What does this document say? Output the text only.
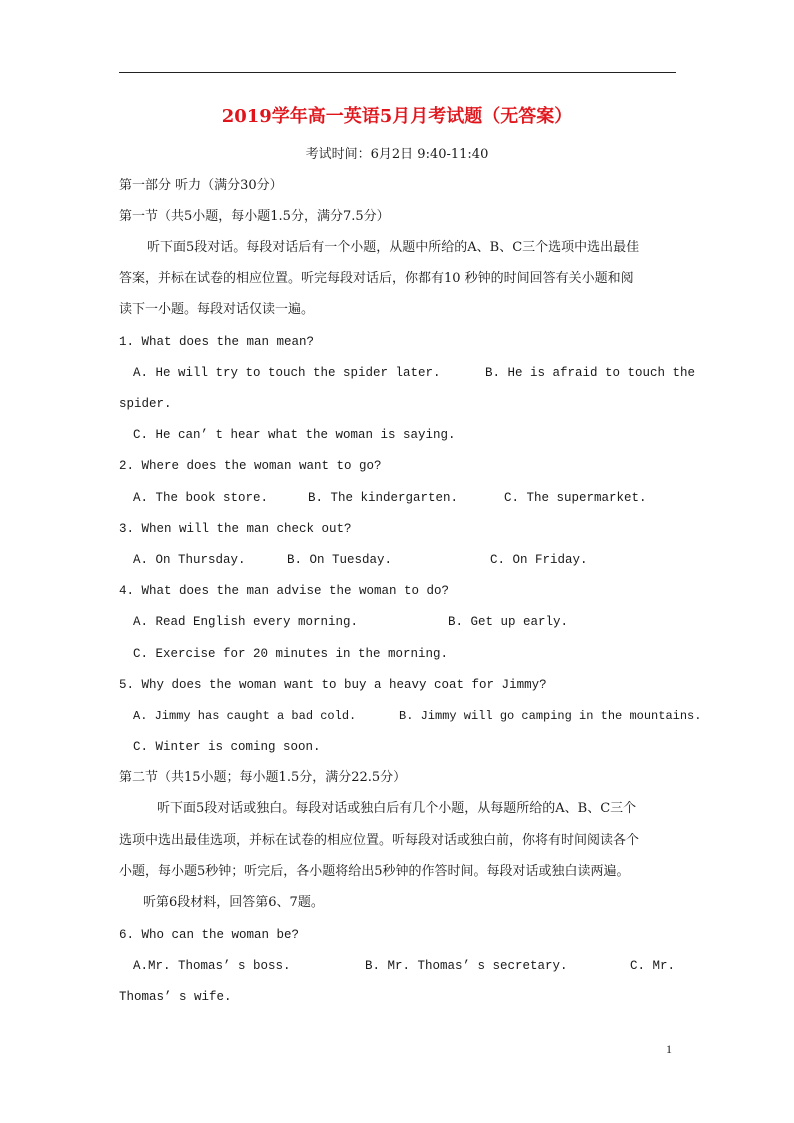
2019学年高一英语5月月考试题（无答案）
考试时间：6月2日 9:40-11:40
第一部分 听力（满分30分）
第一节（共5小题，每小题1.5分，满分7.5分）
听下面5段对话。每段对话后有一个小题，从题中所给的A、B、C三个选项中选出最佳
答案，并标在试卷的相应位置。听完每段对话后，你都有10 秒钟的时间回答有关小题和阅
读下一小题。每段对话仅读一遍。
1. What does the man mean?
A. He will try to touch the spider later.	B. He is afraid to touch the
spider.
C. He can’ t hear what the woman is saying.
2. Where does the woman want to go?
A. The book store.	B. The kindergarten.	C. The supermarket.
3. When will the man check out?
A. On Thursday.	B. On Tuesday.	C. On Friday.
4. What does the man advise the woman to do?
A. Read English every morning.	B. Get up early.
C. Exercise for 20 minutes in the morning.
5. Why does the woman want to buy a heavy coat for Jimmy?
A. Jimmy has caught a bad cold.	B. Jimmy will go camping in the mountains.
C. Winter is coming soon.
第二节（共15小题；每小题1.5分，满分22.5分）
听下面5段对话或独白。每段对话或独白后有几个小题，从每题所给的A、B、C三个
选项中选出最佳选项，并标在试卷的相应位置。听每段对话或独白前，你将有时间阅读各个
小题，每小题5秒钟；听完后，各小题将给出5秒钟的作答时间。每段对话或独白读两遍。
听第6段材料，回答第6、7题。
6. Who can the woman be?
A.Mr. Thomas’ s boss.	B. Mr. Thomas’ s secretary.	C. Mr.
Thomas’ s wife.
1
